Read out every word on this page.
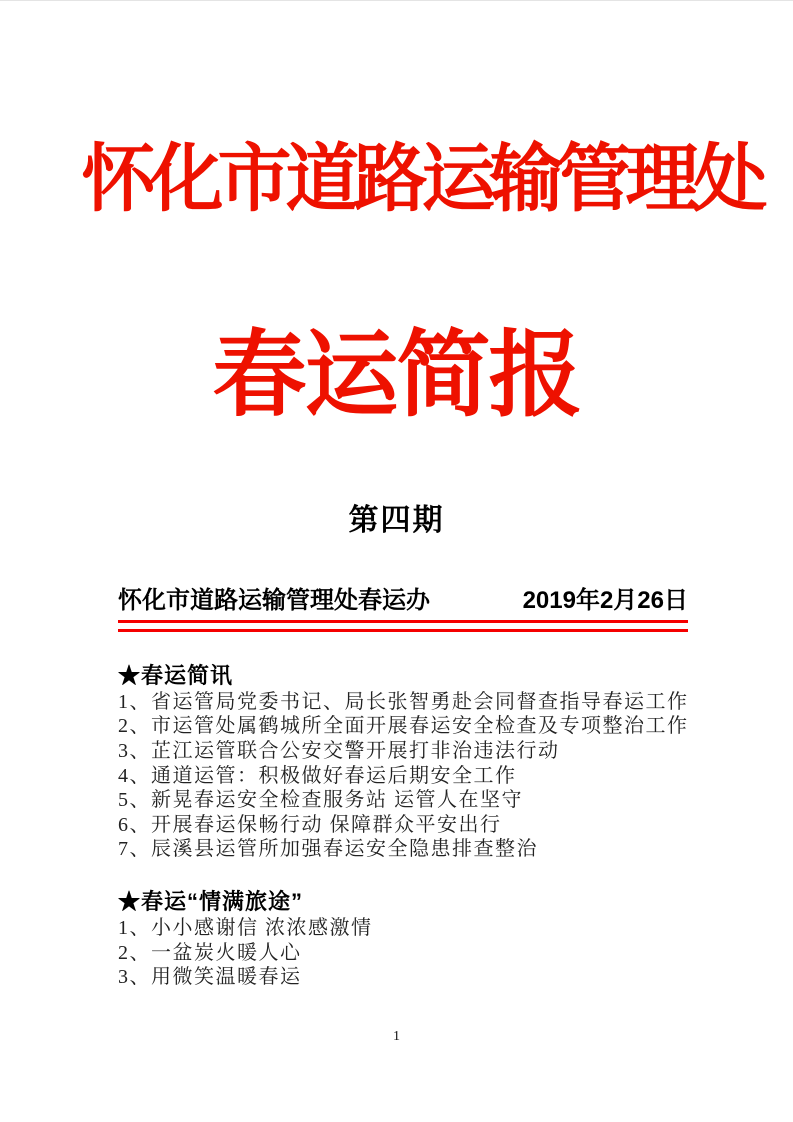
怀化市道路运输管理处
春运简报
第四期
怀化市道路运输管理处春运办	2019年2月26日
★春运简讯
1、省运管局党委书记、局长张智勇赴会同督查指导春运工作
2、市运管处属鹤城所全面开展春运安全检查及专项整治工作
3、芷江运管联合公安交警开展打非治违法行动
4、通道运管：积极做好春运后期安全工作
5、新晃春运安全检查服务站 运管人在坚守
6、开展春运保畅行动 保障群众平安出行
7、辰溪县运管所加强春运安全隐患排查整治
★春运“情满旅途”
1、小小感谢信 浓浓感激情
2、一盆炭火暖人心
3、用微笑温暖春运
1
